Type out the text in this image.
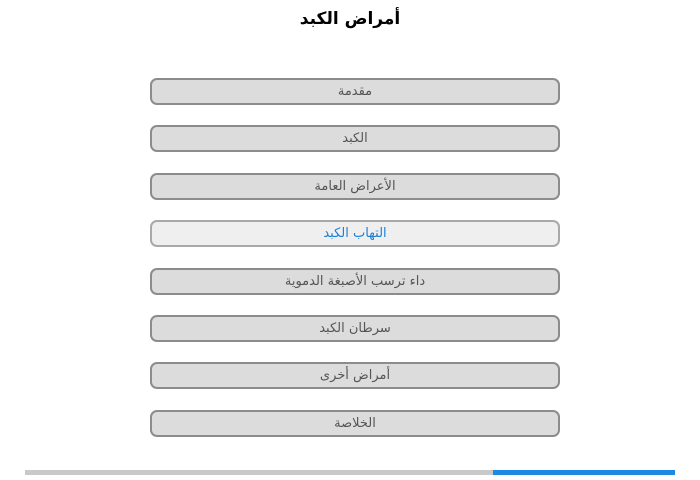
أمراض الكبد
مقدمة
الكبد
الأعراض العامة
التهاب الكبد
داء ترسب الأصبغة الدموية
سرطان الكبد
أمراض أخرى
الخلاصة
